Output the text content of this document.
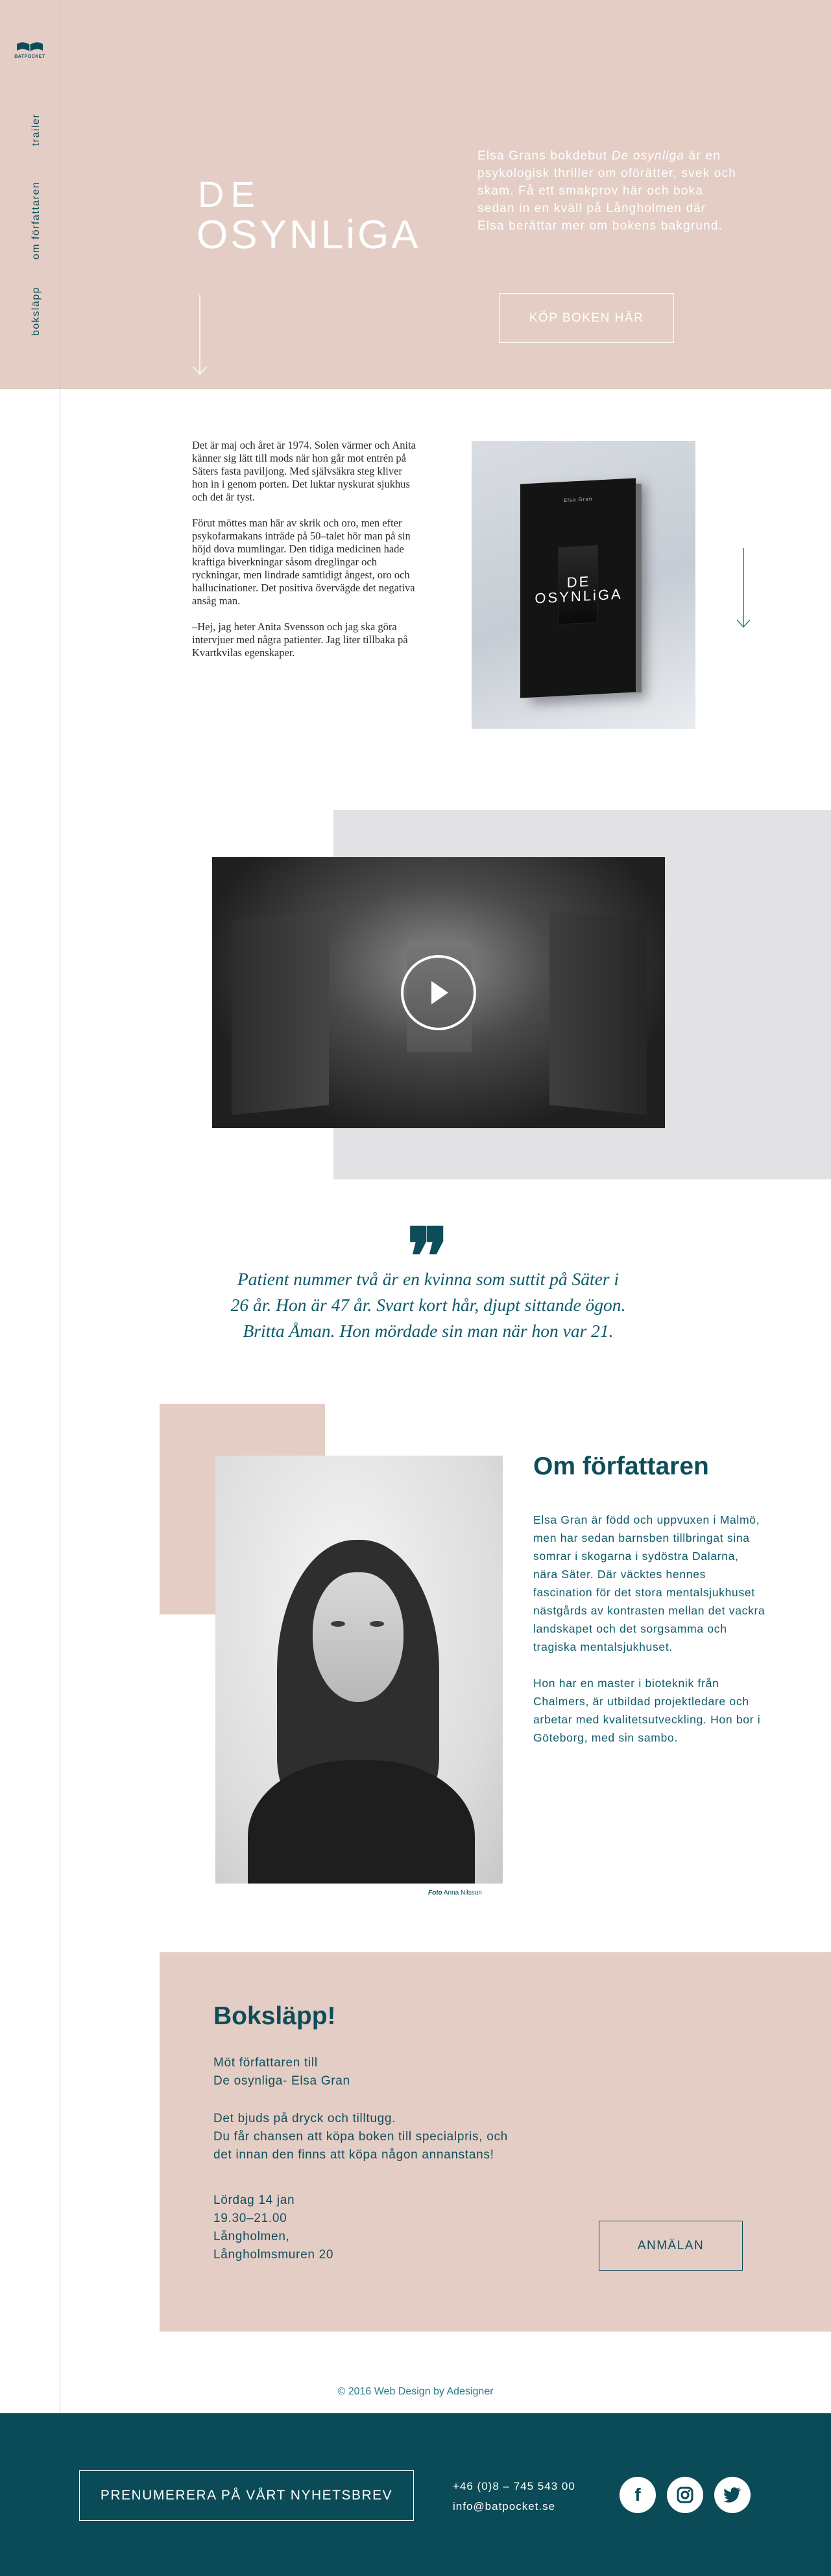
DE
OSYNLiGA
Elsa Grans bokdebut De osynliga är en psykologisk thriller om oförätter, svek och skam. Få ett smakprov här och boka sedan in en kväll på Långholmen där Elsa berättar mer om bokens bakgrund.
KÖP BOKEN HÄR
BATPOCKET
trailer
om författaren
boksläpp

Det är maj och året är 1974. Solen värmer och Anita känner sig lätt till mods när hon går mot entrén på Säters fasta paviljong. Med självsäkra steg kliver hon in i genom porten. Det luktar nyskurat sjukhus och det är tyst.

Förut möttes man här av skrik och oro, men efter psykofarmakans inträde på 50–talet hör man på sin höjd dova mumlingar. Den tidiga medicinen hade kraftiga biverkningar såsom dreglingar och ryckningar, men lindrade samtidigt ångest, oro och hallucinationer. Det positiva övervägde det negativa ansåg man.

–Hej, jag heter Anita Svensson och jag ska göra intervjuer med några patienter. Jag liter tillbaka på Kvartkvilas egenskaper.

Elsa Gran
DE OSYNLiGA
❞
Patient nummer två är en kvinna som suttit på Säter i
26 år. Hon är 47 år. Svart kort hår, djupt sittande ögon.
Britta Åman. Hon mördade sin man när hon var 21.
Foto Anna Nilsson
Om författaren

Elsa Gran är född och uppvuxen i Malmö, men har sedan barnsben tillbringat sina somrar i skogarna i sydöstra Dalarna, nära Säter. Där väcktes hennes fascination för det stora mentalsjukhuset nästgårds av kontrasten mellan det vackra landskapet och det sorgsamma och tragiska mentalsjukhuset.

Hon har en master i bioteknik från Chalmers, är utbildad projektledare och arbetar med kvalitetsutveckling. Hon bor i Göteborg, med sin sambo.

Boksläpp!
Möt författaren till
De osynliga- Elsa Gran
Det bjuds på dryck och tilltugg.
Du får chansen att köpa boken till specialpris, och
det innan den finns att köpa någon annanstans!
Lördag 14 jan
19.30–21.00
Långholmen,
Långholmsmuren 20
ANMÄLAN
© 2016 Web Design by Adesigner
PRENUMERERA PÅ VÅRT NYHETSBREV
+46 (0)8 – 745 543 00
info@batpocket.se
f
